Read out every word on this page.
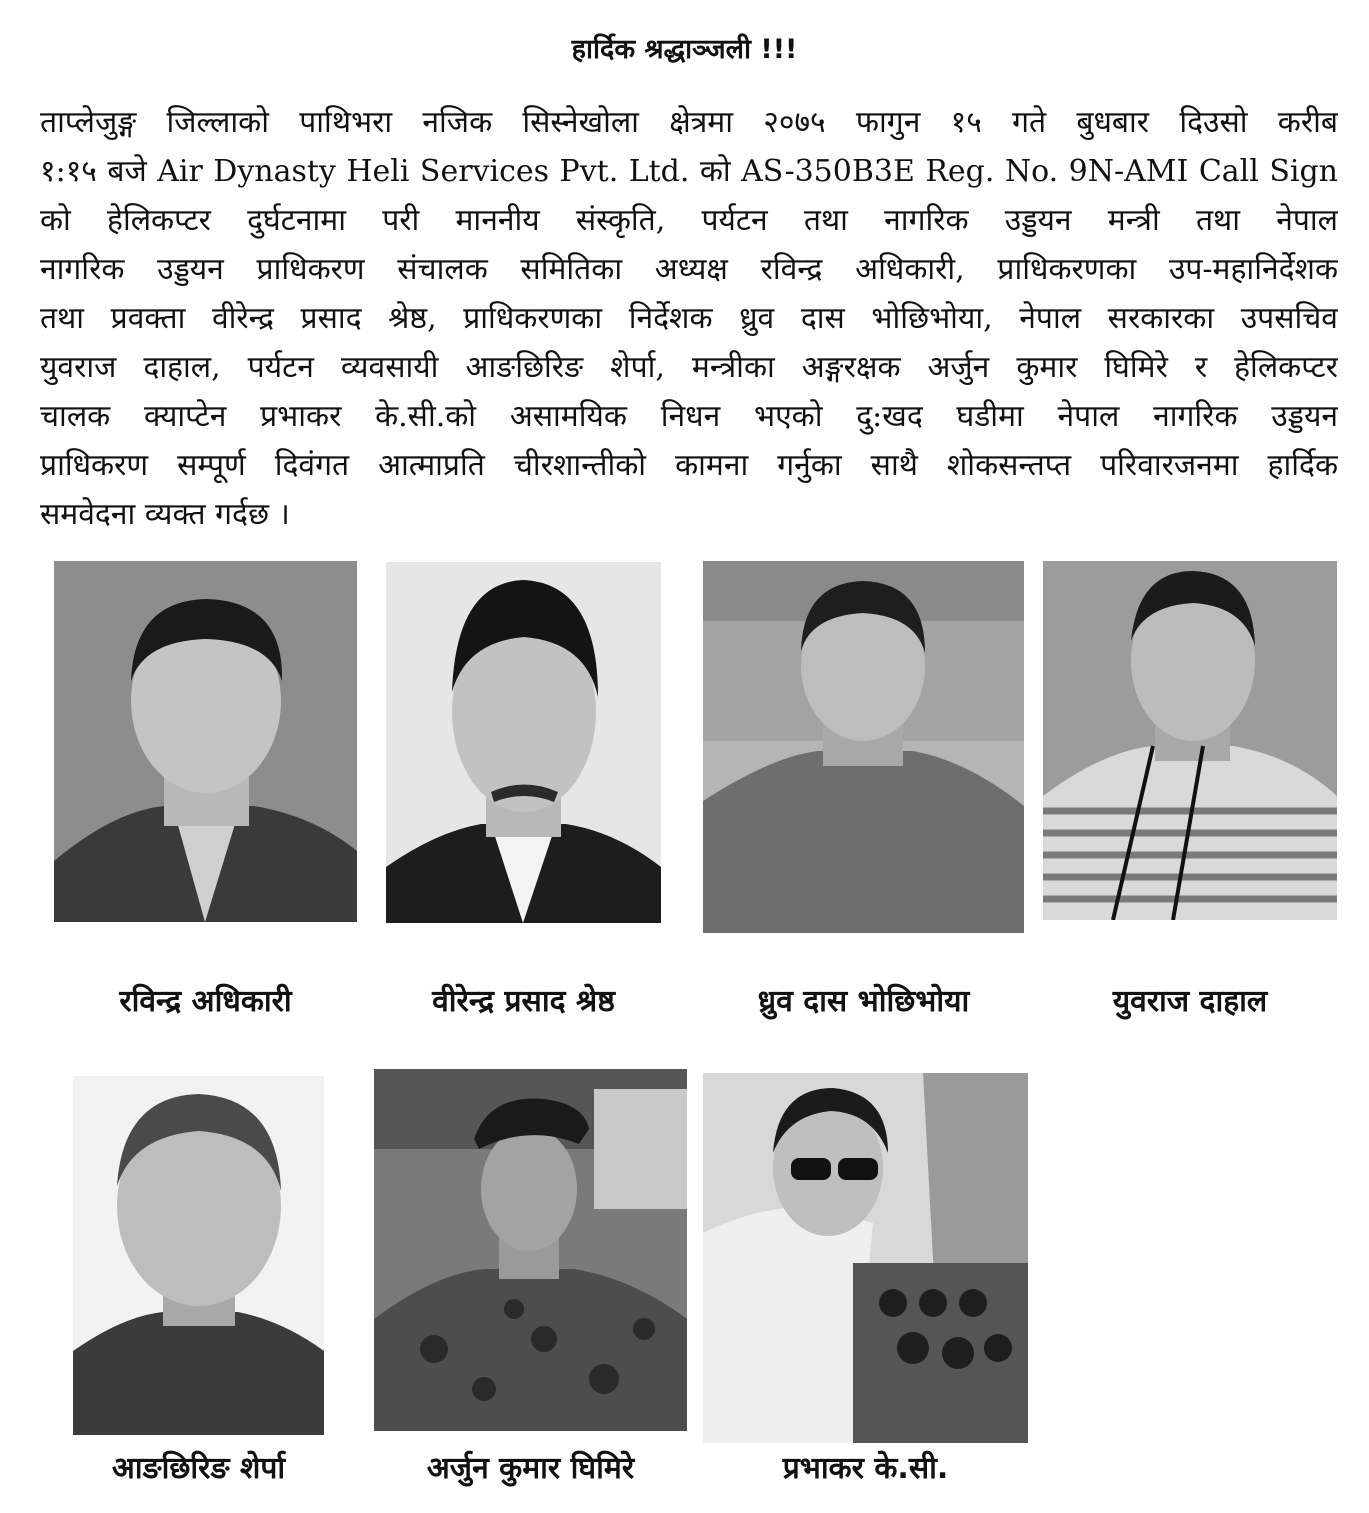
हार्दिक श्रद्धाञ्जली !!!
ताप्लेजुङ्ग जिल्लाको पाथिभरा नजिक सिस्नेखोला क्षेत्रमा २०७५ फागुन १५ गते बुधबार दिउसो करीब
१:१५ बजे Air Dynasty Heli Services Pvt. Ltd. को AS-350B3E Reg. No. 9N-AMI Call Sign
को हेलिकप्टर दुर्घटनामा परी माननीय संस्कृति, पर्यटन तथा नागरिक उड्डयन मन्त्री तथा नेपाल
नागरिक उड्डयन प्राधिकरण संचालक समितिका अध्यक्ष रविन्द्र अधिकारी, प्राधिकरणका उप-महानिर्देशक
तथा प्रवक्ता वीरेन्द्र प्रसाद श्रेष्ठ, प्राधिकरणका निर्देशक ध्रुव दास भोछिभोया, नेपाल सरकारका उपसचिव
युवराज दाहाल, पर्यटन व्यवसायी आङछिरिङ शेर्पा, मन्त्रीका अङ्गरक्षक अर्जुन कुमार घिमिरे र हेलिकप्टर
चालक क्याप्टेन प्रभाकर के.सी.को असामयिक निधन भएको दु:खद घडीमा नेपाल नागरिक उड्डयन
प्राधिकरण सम्पूर्ण दिवंगत आत्माप्रति चीरशान्तीको कामना गर्नुका साथै शोकसन्तप्त परिवारजनमा हार्दिक
समवेदना व्यक्त गर्दछ ।
रविन्द्र अधिकारी	वीरेन्द्र प्रसाद श्रेष्ठ	ध्रुव दास भोछिभोया	युवराज दाहाल
आङछिरिङ शेर्पा	अर्जुन कुमार घिमिरे	प्रभाकर के.सी.
